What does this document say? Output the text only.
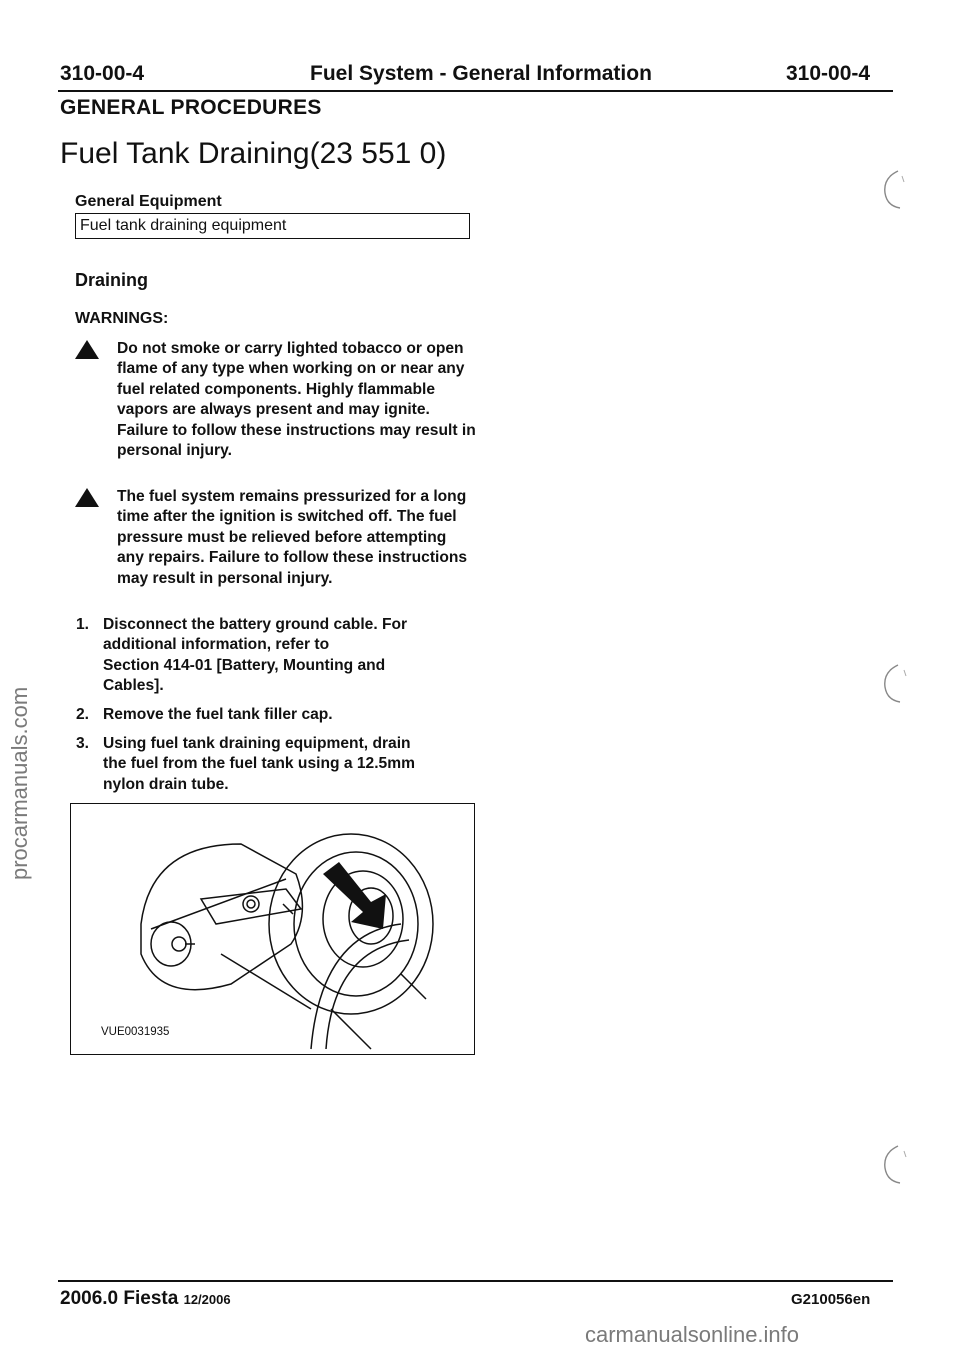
310-00-4	Fuel System - General Information	310-00-4
GENERAL PROCEDURES
Fuel Tank Draining(23 551 0)
General Equipment
Fuel tank draining equipment
Draining
WARNINGS:
Do not smoke or carry lighted tobacco or open flame of any type when working on or near any fuel related components. Highly flammable vapors are always present and may ignite. Failure to follow these instructions may result in personal injury.
The fuel system remains pressurized for a long time after the ignition is switched off. The fuel pressure must be relieved before attempting any repairs. Failure to follow these instructions may result in personal injury.
1. Disconnect the battery ground cable. For
additional information, refer to
Section 414-01 [Battery, Mounting and
Cables].
2. Remove the fuel tank filler cap.
3. Using fuel tank draining equipment, drain
the fuel from the fuel tank using a 12.5mm
nylon drain tube.
VUE0031935
2006.0 Fiesta 12/2006	G210056en
procarmanuals.com
carmanualsonline.info
